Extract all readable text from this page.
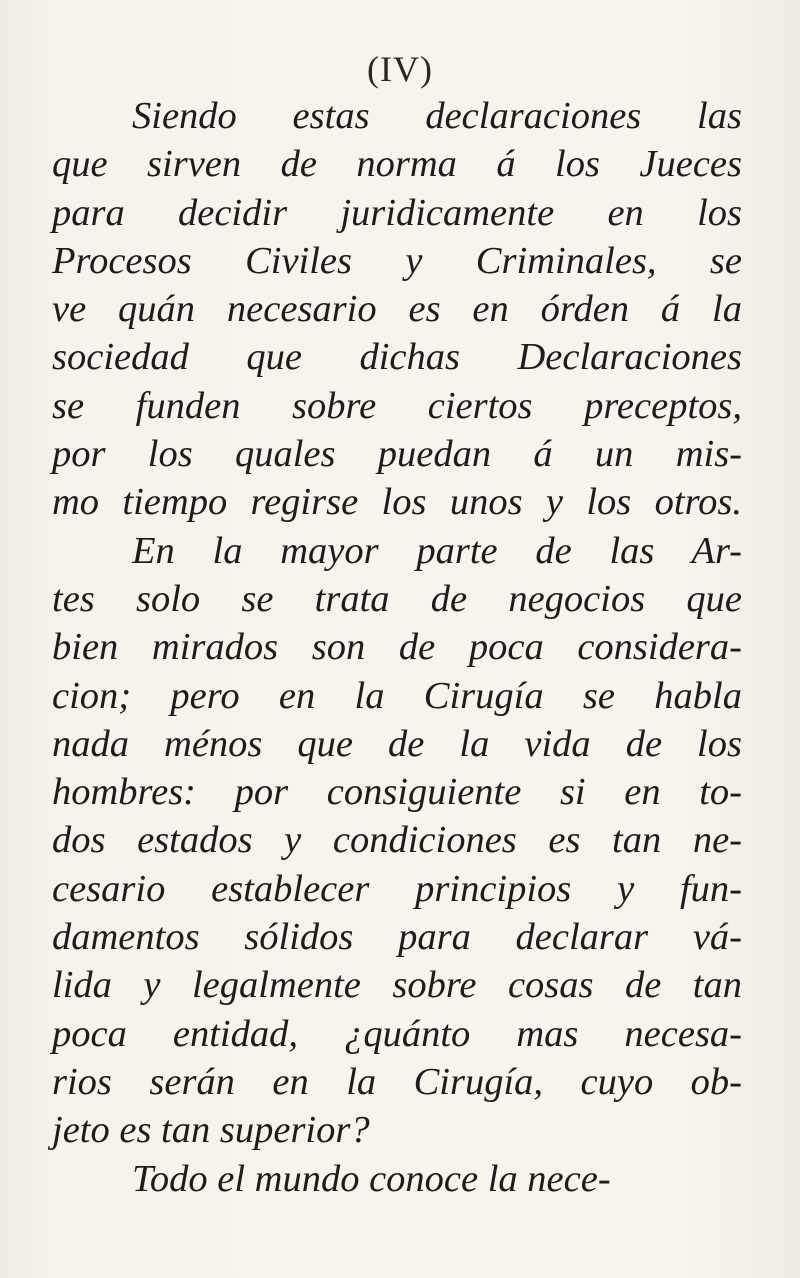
(IV)
Siendo estas declaraciones las
que sirven de norma á los Jueces
para decidir juridicamente en los
Procesos Civiles y Criminales, se
ve quán necesario es en órden á la
sociedad que dichas Declaraciones
se funden sobre ciertos preceptos,
por los quales puedan á un mis-
mo tiempo regirse los unos y los otros.
En la mayor parte de las Ar-
tes solo se trata de negocios que
bien mirados son de poca considera-
cion; pero en la Cirugía se habla
nada ménos que de la vida de los
hombres: por consiguiente si en to-
dos estados y condiciones es tan ne-
cesario establecer principios y fun-
damentos sólidos para declarar vá-
lida y legalmente sobre cosas de tan
poca entidad, ¿quánto mas necesa-
rios serán en la Cirugía, cuyo ob-
jeto es tan superior?
Todo el mundo conoce la nece-
